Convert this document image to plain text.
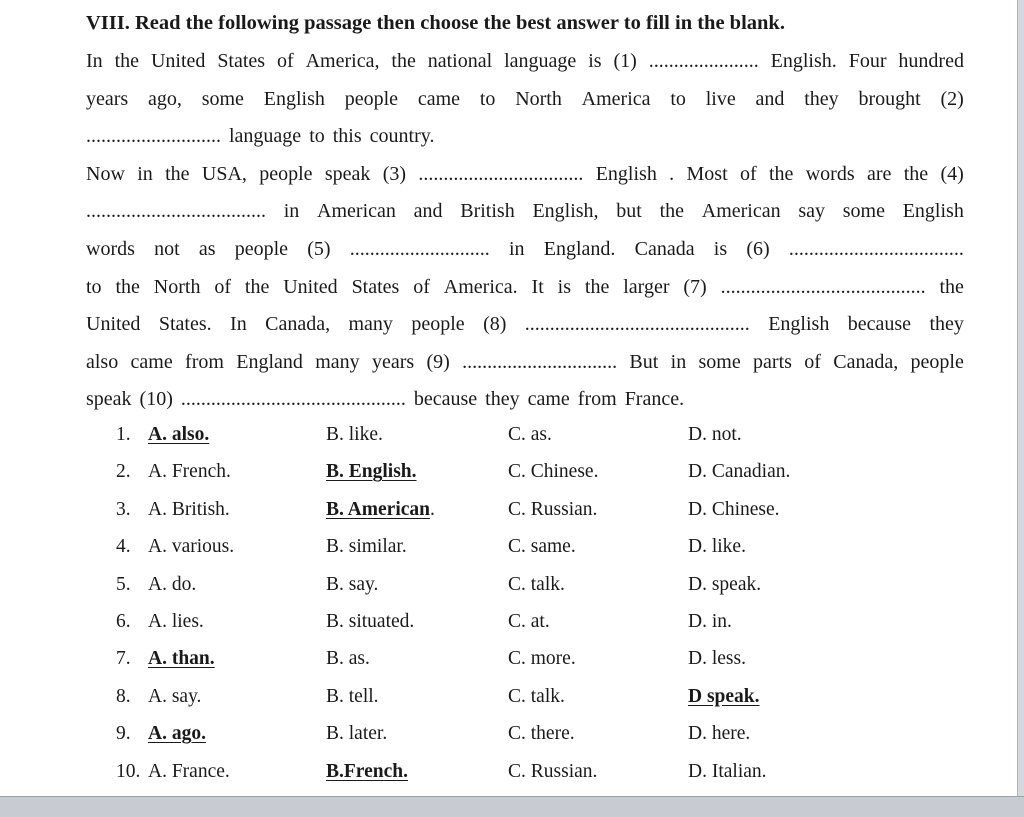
VIII. Read the following passage then choose the best answer to fill in the blank.
In the United States of America, the national language is (1) ...................... English. Four hundred
years ago, some English people came to North America to live and they brought (2)
........................... language to this country.
Now in the USA, people speak (3) ................................. English . Most of the words are the (4)
.................................... in American and British English, but the American say some English
words not as people (5) ............................ in England. Canada is (6) ...................................
to the North of the United States of America. It is the larger (7) ......................................... the
United States. In Canada, many people (8) ............................................. English because they
also came from England many years (9) ............................... But in some parts of Canada, people
speak (10) ............................................. because they came from France.
1. A. also.	B. like.	C. as.	D. not.
2. A. French.	B. English.	C. Chinese.	D. Canadian.
3. A. British.	B. American.	C. Russian.	D. Chinese.
4. A. various.	B. similar.	C. same.	D. like.
5. A. do.	B. say.	C. talk.	D. speak.
6. A. lies.	B. situated.	C. at.	D. in.
7. A. than.	B. as.	C. more.	D. less.
8. A. say.	B. tell.	C. talk.	D speak.
9. A. ago.	B. later.	C. there.	D. here.
10. A. France.	B.French.	C. Russian.	D. Italian.
